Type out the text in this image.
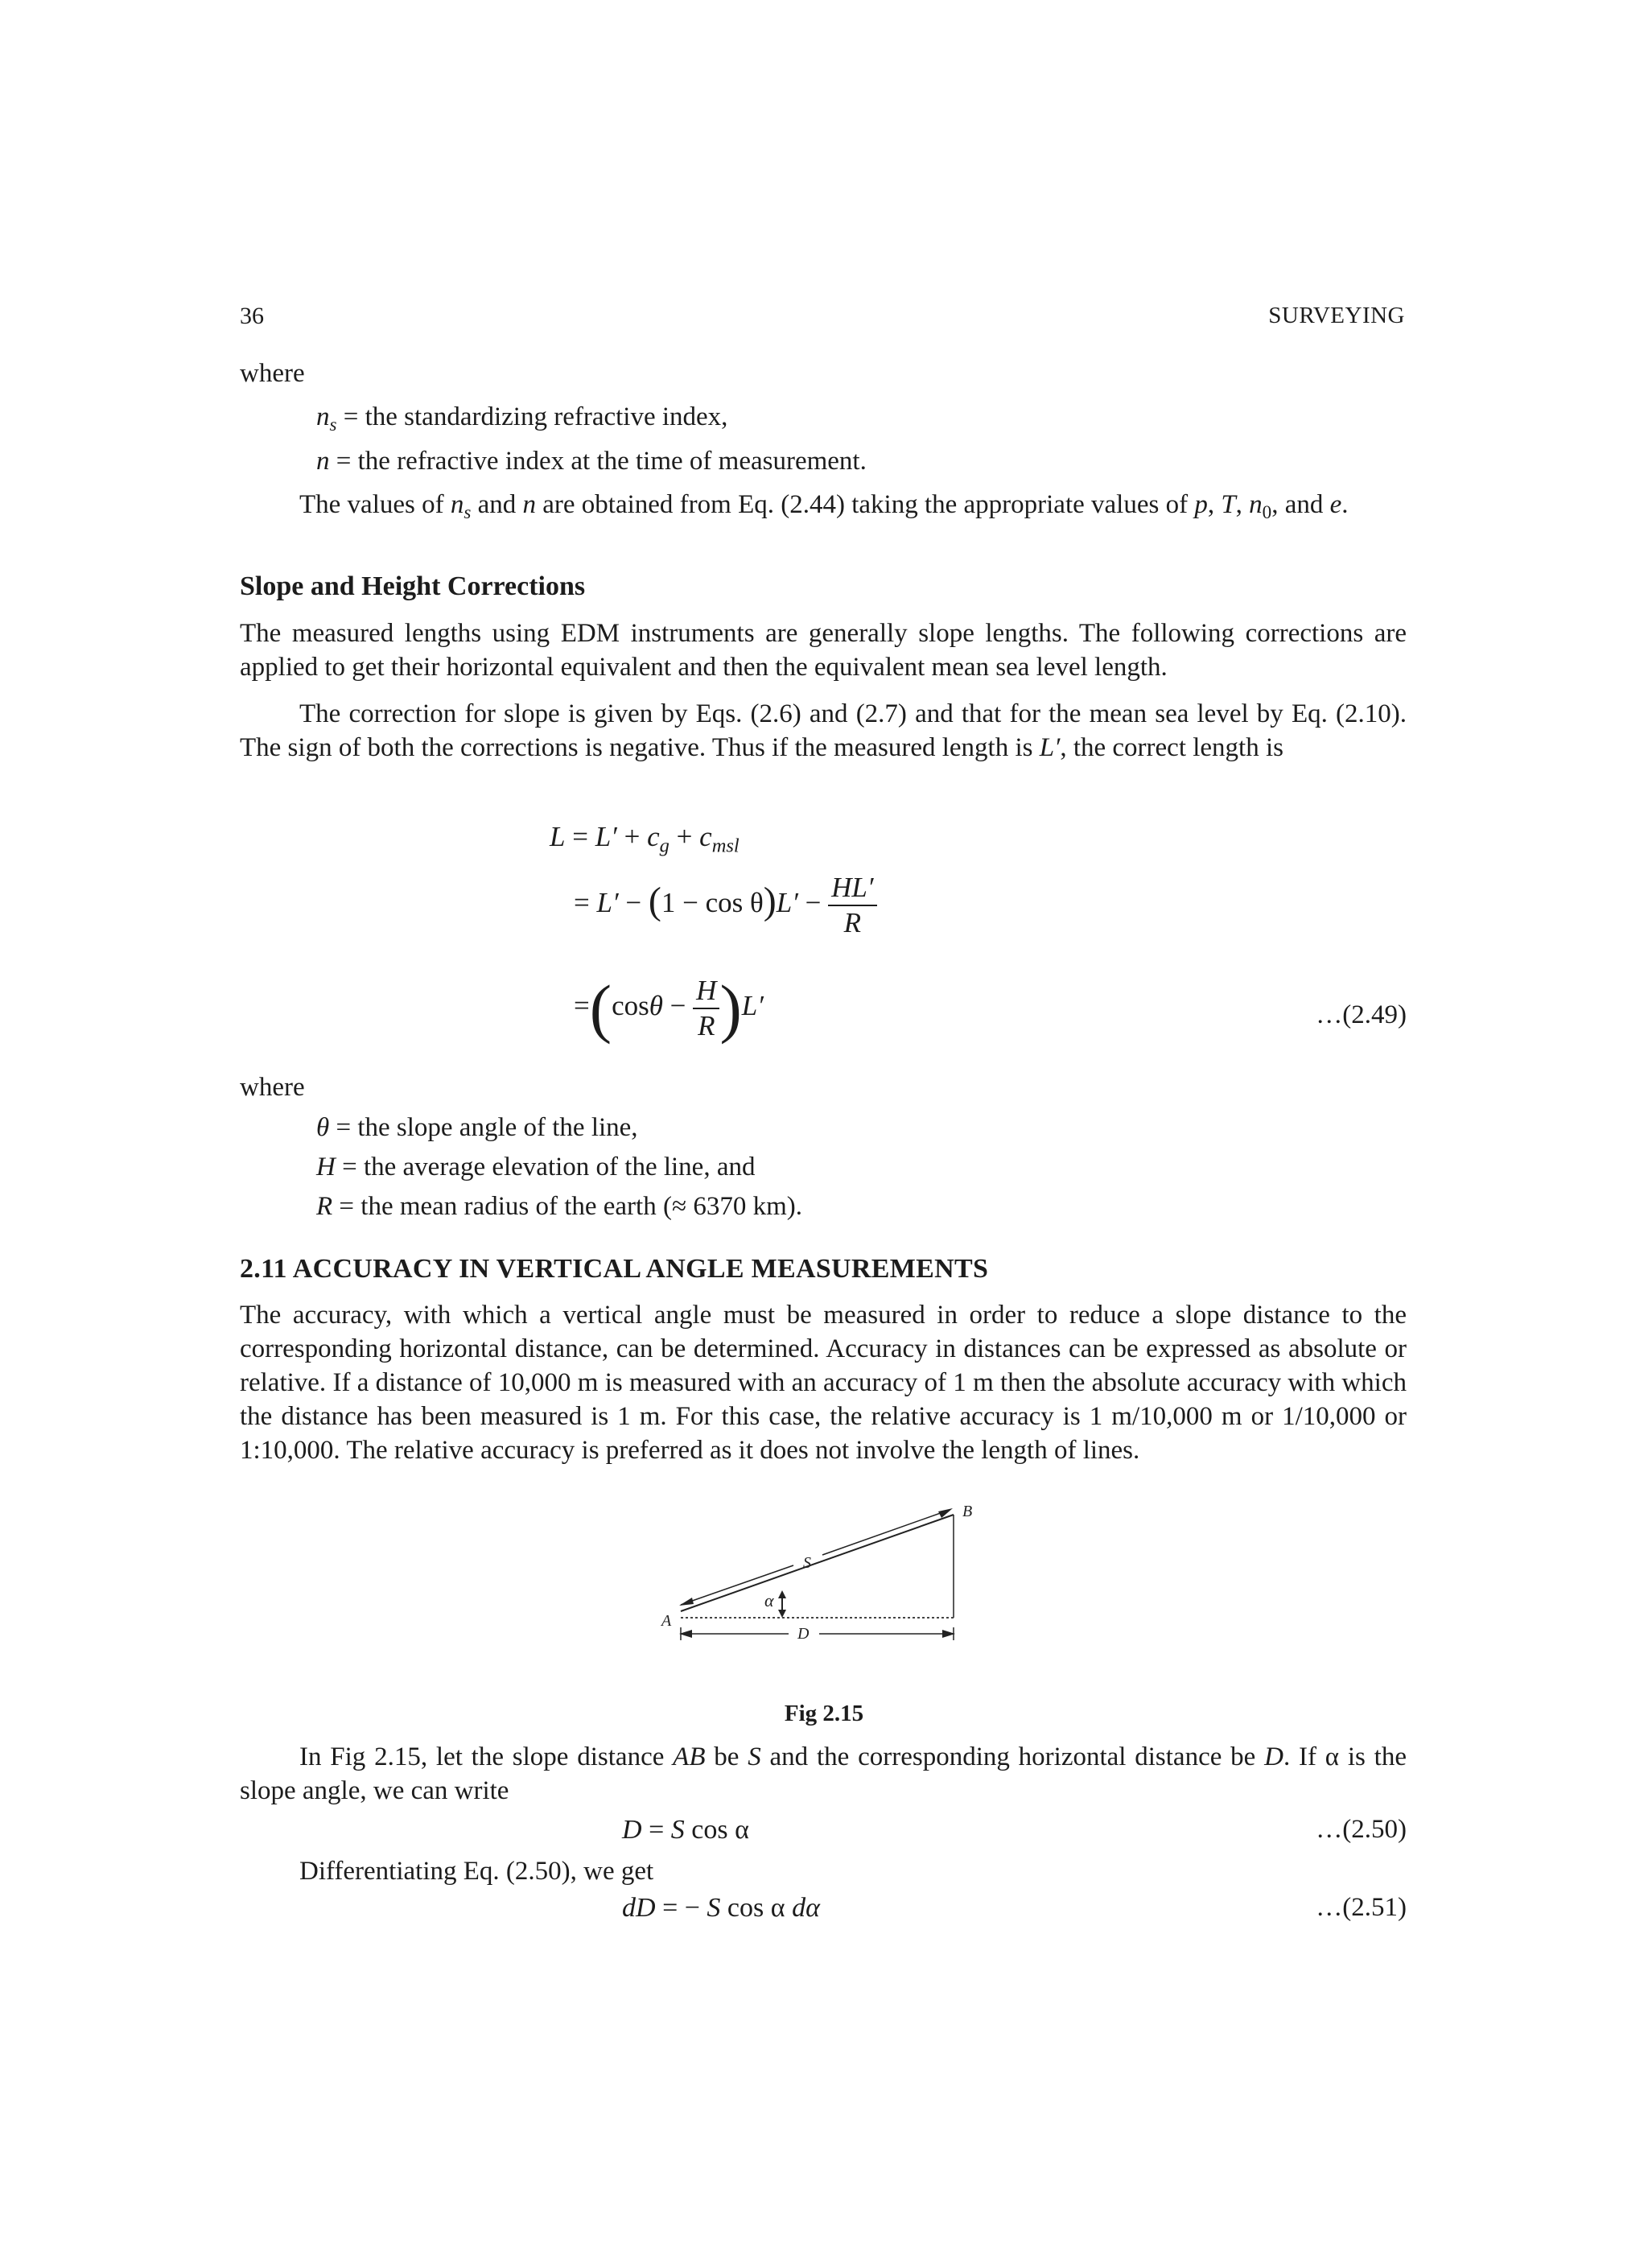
36	SURVEYING
where
$n_s$ = the standardizing refractive index,
n = the refractive index at the time of measurement.
The values of $n_s$ and n are obtained from Eq. (2.44) taking the appropriate values of p, T, $n_0$, and e.
Slope and Height Corrections
The measured lengths using EDM instruments are generally slope lengths. The following corrections are applied to get their horizontal equivalent and then the equivalent mean sea level length.
The correction for slope is given by Eqs. (2.6) and (2.7) and that for the mean sea level by Eq. (2.10). The sign of both the corrections is negative. Thus if the measured length is L′, the correct length is
$L = L' + c_g + c_{msl}$
= $L' - (1 - \cos \theta)L' - \frac{HL'}{R}$
$=(\cos\theta - \frac{H}{R} )L'$	…(2.49)
where
θ = the slope angle of the line,
H = the average elevation of the line, and
R = the mean radius of the earth (≈ 6370 km).
2.11 ACCURACY IN VERTICAL ANGLE MEASUREMENTS
The accuracy, with which a vertical angle must be measured in order to reduce a slope distance to the corresponding horizontal distance, can be determined. Accuracy in distances can be expressed as absolute or relative. If a distance of 10,000 m is measured with an accuracy of 1 m then the absolute accuracy with which the distance has been measured is 1 m. For this case, the relative accuracy is 1 m/10,000 m or 1/10,000 or 1:10,000. The relative accuracy is preferred as it does not involve the length of lines.
A
B
S
D
α
Fig 2.15
In Fig 2.15, let the slope distance AB be S and the corresponding horizontal distance be D. If α is the slope angle, we can write
D = S cos α	…(2.50)
Differentiating Eq. (2.50), we get
dD = − S cos α dα	…(2.51)
